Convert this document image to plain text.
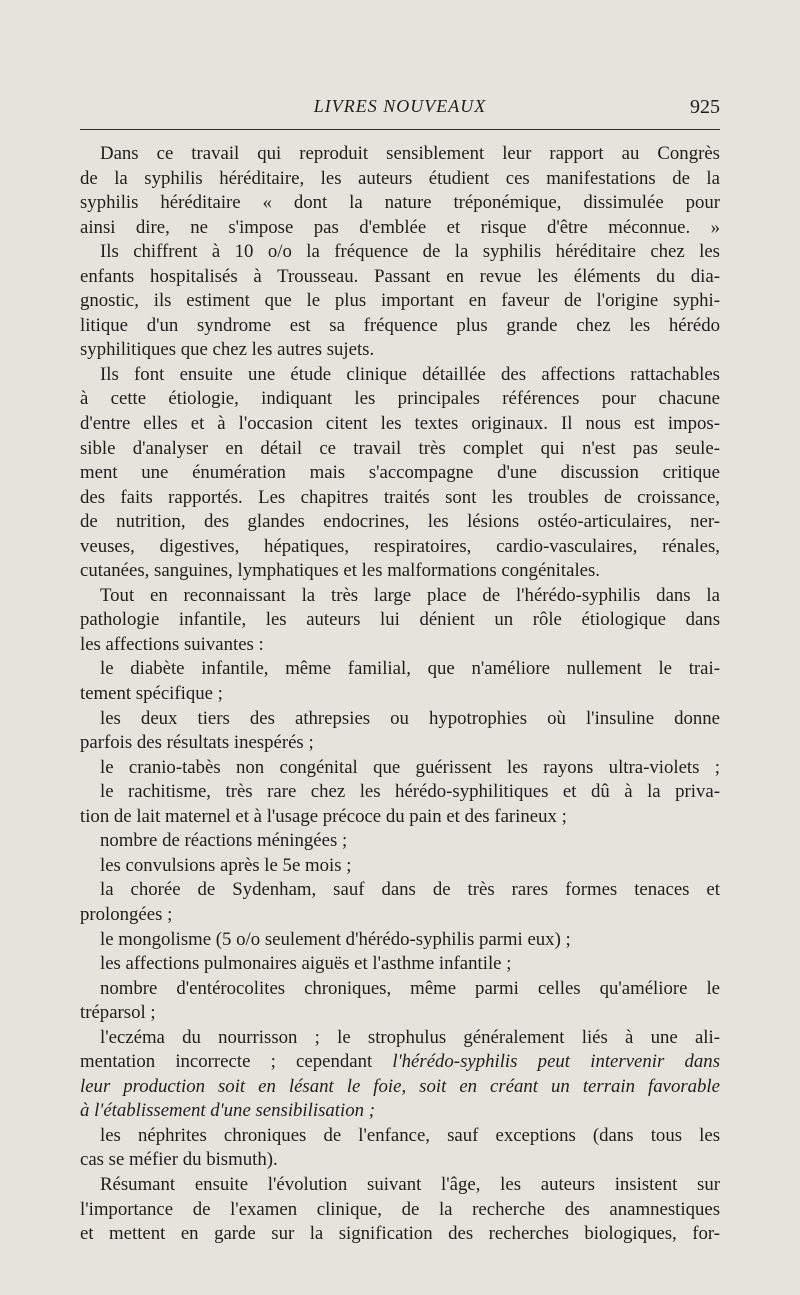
LIVRES NOUVEAUX	925
Dans ce travail qui reproduit sensiblement leur rapport au Congrès
de la syphilis héréditaire, les auteurs étudient ces manifestations de la
syphilis héréditaire « dont la nature tréponémique, dissimulée pour
ainsi dire, ne s'impose pas d'emblée et risque d'être méconnue. »
Ils chiffrent à 10 o/o la fréquence de la syphilis héréditaire chez les
enfants hospitalisés à Trousseau. Passant en revue les éléments du dia-
gnostic, ils estiment que le plus important en faveur de l'origine syphi-
litique d'un syndrome est sa fréquence plus grande chez les hérédo
syphilitiques que chez les autres sujets.
Ils font ensuite une étude clinique détaillée des affections rattachables
à cette étiologie, indiquant les principales références pour chacune
d'entre elles et à l'occasion citent les textes originaux. Il nous est impos-
sible d'analyser en détail ce travail très complet qui n'est pas seule-
ment une énumération mais s'accompagne d'une discussion critique
des faits rapportés. Les chapitres traités sont les troubles de croissance,
de nutrition, des glandes endocrines, les lésions ostéo-articulaires, ner-
veuses, digestives, hépatiques, respiratoires, cardio-vasculaires, rénales,
cutanées, sanguines, lymphatiques et les malformations congénitales.
Tout en reconnaissant la très large place de l'hérédo-syphilis dans la
pathologie infantile, les auteurs lui dénient un rôle étiologique dans
les affections suivantes :
le diabète infantile, même familial, que n'améliore nullement le trai-
tement spécifique ;
les deux tiers des athrepsies ou hypotrophies où l'insuline donne
parfois des résultats inespérés ;
le cranio-tabès non congénital que guérissent les rayons ultra-violets ;
le rachitisme, très rare chez les hérédo-syphilitiques et dû à la priva-
tion de lait maternel et à l'usage précoce du pain et des farineux ;
nombre de réactions méningées ;
les convulsions après le 5e mois ;
la chorée de Sydenham, sauf dans de très rares formes tenaces et
prolongées ;
le mongolisme (5 o/o seulement d'hérédo-syphilis parmi eux) ;
les affections pulmonaires aiguës et l'asthme infantile ;
nombre d'entérocolites chroniques, même parmi celles qu'améliore le
tréparsol ;
l'eczéma du nourrisson ; le strophulus généralement liés à une ali-
mentation incorrecte ; cependant l'hérédo-syphilis peut intervenir dans
leur production soit en lésant le foie, soit en créant un terrain favorable
à l'établissement d'une sensibilisation ;
les néphrites chroniques de l'enfance, sauf exceptions (dans tous les
cas se méfier du bismuth).
Résumant ensuite l'évolution suivant l'âge, les auteurs insistent sur
l'importance de l'examen clinique, de la recherche des anamnestiques
et mettent en garde sur la signification des recherches biologiques, for-
